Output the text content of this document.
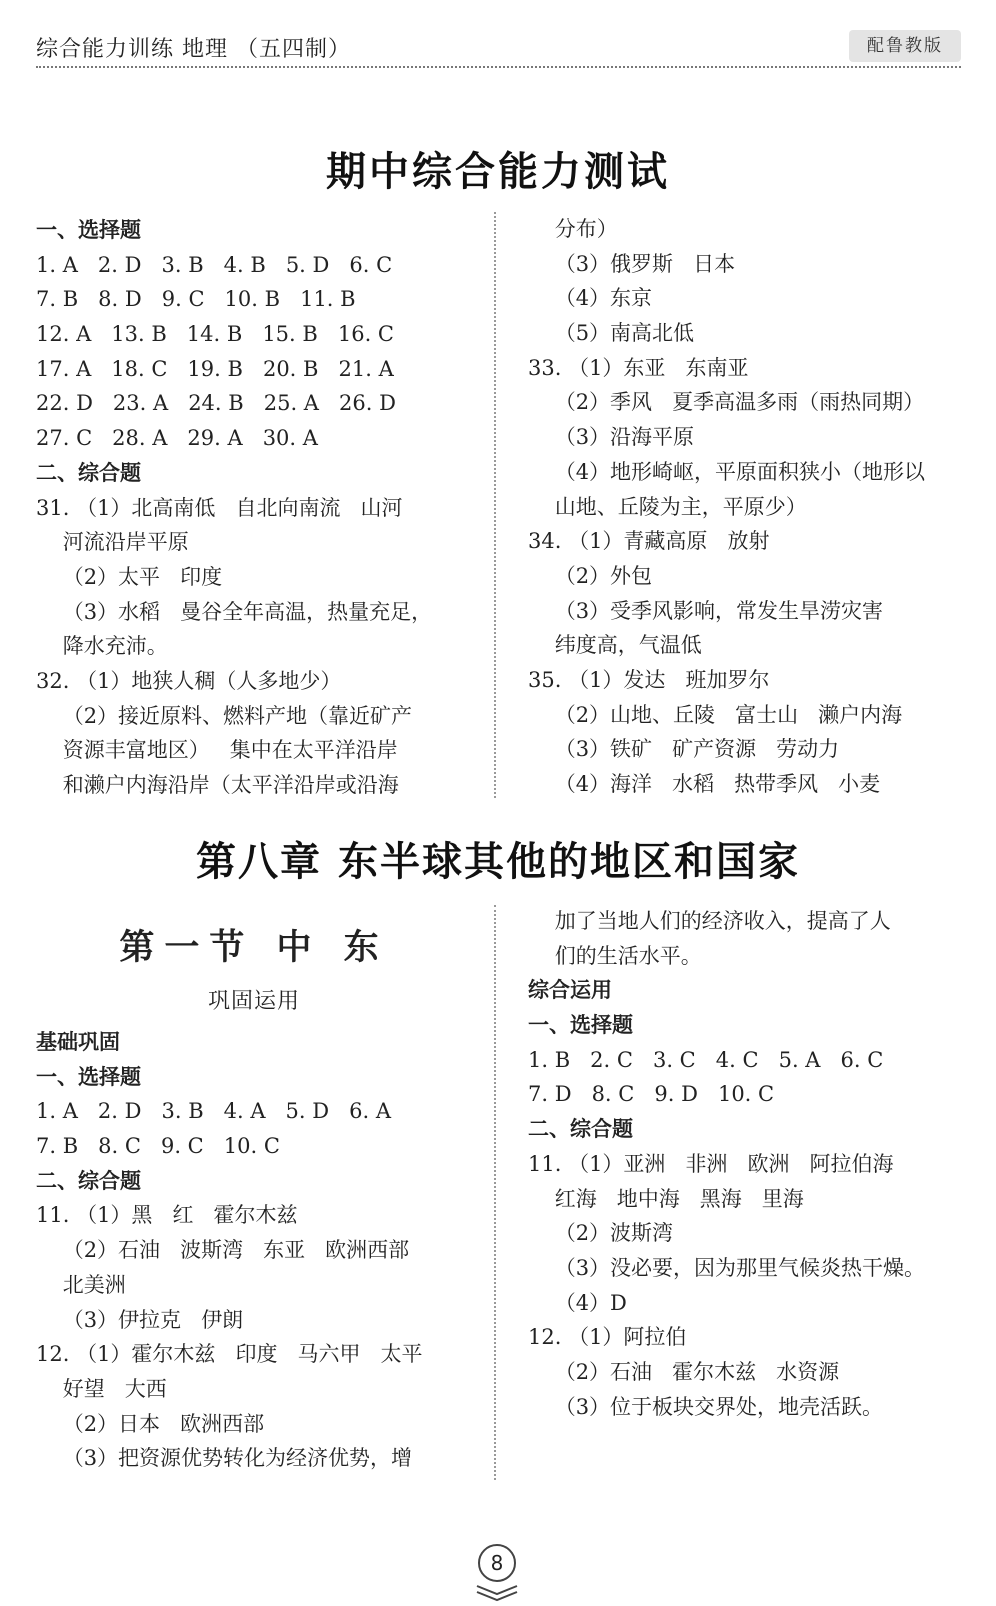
综合能力训练 地理 （五四制）	配鲁教版
期中综合能力测试
一、选择题
1. A   2. D   3. B   4. B   5. D   6. C
7. B   8. D   9. C   10. B   11. B
12. A   13. B   14. B   15. B   16. C
17. A   18. C   19. B   20. B   21. A
22. D   23. A   24. B   25. A   26. D
27. C   28. A   29. A   30. A
二、综合题
31. （1）北高南低   自北向南流   山河
河流沿岸平原
（2）太平   印度
（3）水稻   曼谷全年高温，热量充足，
降水充沛。
32. （1）地狭人稠（人多地少）
（2）接近原料、燃料产地（靠近矿产
资源丰富地区）   集中在太平洋沿岸
和濑户内海沿岸（太平洋沿岸或沿海
分布）
（3）俄罗斯   日本
（4）东京
（5）南高北低
33. （1）东亚   东南亚
（2）季风   夏季高温多雨（雨热同期）
（3）沿海平原
（4）地形崎岖，平原面积狭小（地形以
山地、丘陵为主，平原少）
34. （1）青藏高原   放射
（2）外包
（3）受季风影响，常发生旱涝灾害
纬度高，气温低
35. （1）发达   班加罗尔
（2）山地、丘陵   富士山   濑户内海
（3）铁矿   矿产资源   劳动力
（4）海洋   水稻   热带季风   小麦
第八章 东半球其他的地区和国家
第一节 中 东
巩固运用
基础巩固
一、选择题
1. A   2. D   3. B   4. A   5. D   6. A
7. B   8. C   9. C   10. C
二、综合题
11. （1）黑   红   霍尔木兹
（2）石油   波斯湾   东亚   欧洲西部
北美洲
（3）伊拉克   伊朗
12. （1）霍尔木兹   印度   马六甲   太平
好望   大西
（2）日本   欧洲西部
（3）把资源优势转化为经济优势，增
加了当地人们的经济收入，提高了人
们的生活水平。
综合运用
一、选择题
1. B   2. C   3. C   4. C   5. A   6. C
7. D   8. C   9. D   10. C
二、综合题
11. （1）亚洲   非洲   欧洲   阿拉伯海
红海   地中海   黑海   里海
（2）波斯湾
（3）没必要，因为那里气候炎热干燥。
（4）D
12. （1）阿拉伯
（2）石油   霍尔木兹   水资源
（3）位于板块交界处，地壳活跃。
8
